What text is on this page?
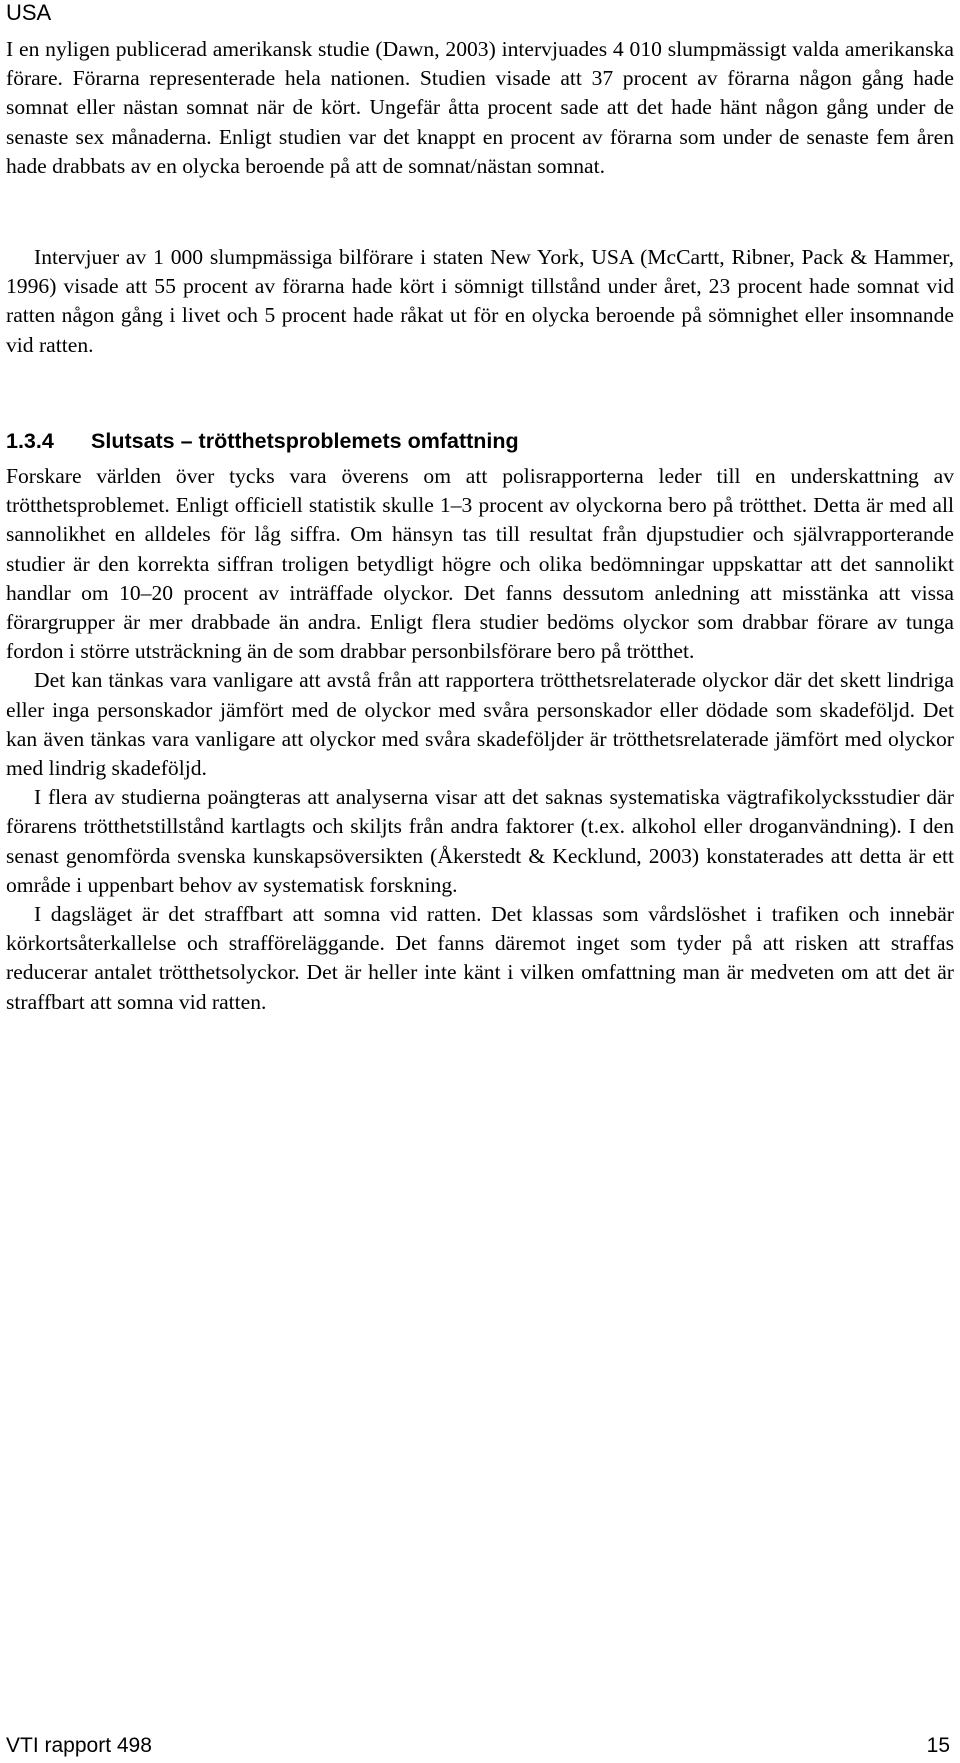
USA

I en nyligen publicerad amerikansk studie (Dawn, 2003) intervjuades 4 010 slumpmässigt valda amerikanska förare. Förarna representerade hela nationen. Studien visade att 37 procent av förarna någon gång hade somnat eller nästan somnat när de kört. Ungefär åtta procent sade att det hade hänt någon gång under de senaste sex månaderna. Enligt studien var det knappt en procent av förarna som under de senaste fem åren hade drabbats av en olycka beroende på att de somnat/nästan somnat.

Intervjuer av 1 000 slumpmässiga bilförare i staten New York, USA (McCartt, Ribner, Pack & Hammer, 1996) visade att 55 procent av förarna hade kört i sömnigt tillstånd under året, 23 procent hade somnat vid ratten någon gång i livet och 5 procent hade råkat ut för en olycka beroende på sömnighet eller insomnande vid ratten.

1.3.4 Slutsats – trötthetsproblemets omfattning

Forskare världen över tycks vara överens om att polisrapporterna leder till en underskattning av trötthetsproblemet. Enligt officiell statistik skulle 1–3 procent av olyckorna bero på trötthet. Detta är med all sannolikhet en alldeles för låg siffra. Om hänsyn tas till resultat från djupstudier och självrapporterande studier är den korrekta siffran troligen betydligt högre och olika bedömningar uppskattar att det sannolikt handlar om 10–20 procent av inträffade olyckor. Det fanns dessutom anledning att misstänka att vissa förargrupper är mer drabbade än andra. Enligt flera studier bedöms olyckor som drabbar förare av tunga fordon i större utsträckning än de som drabbar personbilsförare bero på trötthet.

Det kan tänkas vara vanligare att avstå från att rapportera trötthetsrelaterade olyckor där det skett lindriga eller inga personskador jämfört med de olyckor med svåra personskador eller dödade som skadeföljd. Det kan även tänkas vara vanligare att olyckor med svåra skadeföljder är trötthetsrelaterade jämfört med olyckor med lindrig skadeföljd.

I flera av studierna poängteras att analyserna visar att det saknas systematiska vägtrafikolycksstudier där förarens trötthetstillstånd kartlagts och skiljts från andra faktorer (t.ex. alkohol eller droganvändning). I den senast genomförda svenska kunskapsöversikten (Åkerstedt & Kecklund, 2003) konstaterades att detta är ett område i uppenbart behov av systematisk forskning.

I dagsläget är det straffbart att somna vid ratten. Det klassas som vårdslöshet i trafiken och innebär körkortsåterkallelse och strafföreläggande. Det fanns däremot inget som tyder på att risken att straffas reducerar antalet trötthetsolyckor. Det är heller inte känt i vilken omfattning man är medveten om att det är straffbart att somna vid ratten.

VTI rapport 498	15
